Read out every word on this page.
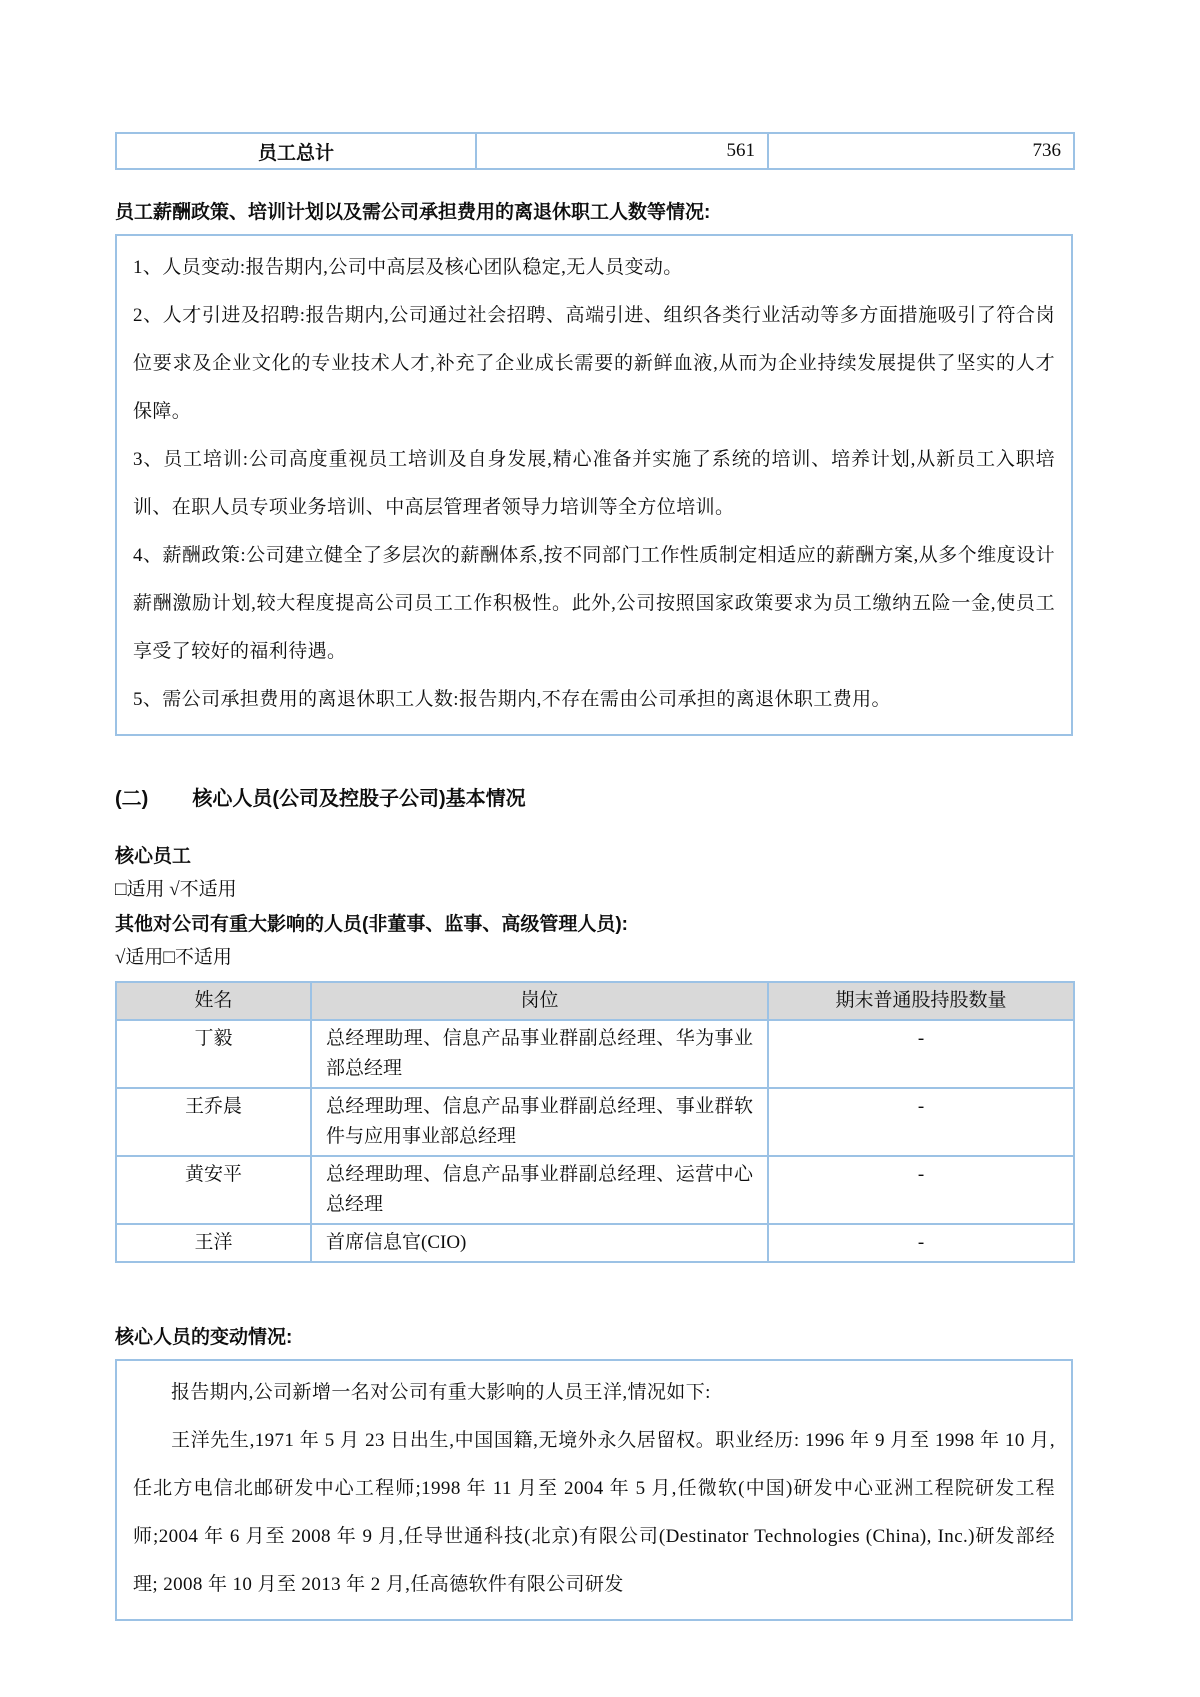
员工总计	561	736
员工薪酬政策、培训计划以及需公司承担费用的离退休职工人数等情况:

1、人员变动:报告期内,公司中高层及核心团队稳定,无人员变动。

2、人才引进及招聘:报告期内,公司通过社会招聘、高端引进、组织各类行业活动等多方面措施吸引了符合岗位要求及企业文化的专业技术人才,补充了企业成长需要的新鲜血液,从而为企业持续发展提供了坚实的人才保障。

3、员工培训:公司高度重视员工培训及自身发展,精心准备并实施了系统的培训、培养计划,从新员工入职培训、在职人员专项业务培训、中高层管理者领导力培训等全方位培训。

4、薪酬政策:公司建立健全了多层次的薪酬体系,按不同部门工作性质制定相适应的薪酬方案,从多个维度设计薪酬激励计划,较大程度提高公司员工工作积极性。此外,公司按照国家政策要求为员工缴纳五险一金,使员工享受了较好的福利待遇。

5、需公司承担费用的离退休职工人数:报告期内,不存在需由公司承担的离退休职工费用。

(二) 核心人员(公司及控股子公司)基本情况
核心员工
□适用 √不适用
其他对公司有重大影响的人员(非董事、监事、高级管理人员):
√适用□不适用
姓名	岗位	期末普通股持股数量
丁毅	总经理助理、信息产品事业群副总经理、华为事业部总经理	-
王乔晨	总经理助理、信息产品事业群副总经理、事业群软件与应用事业部总经理	-
黄安平	总经理助理、信息产品事业群副总经理、运营中心总经理	-
王洋	首席信息官(CIO)	-
核心人员的变动情况:

报告期内,公司新增一名对公司有重大影响的人员王洋,情况如下:

王洋先生,1971 年 5 月 23 日出生,中国国籍,无境外永久居留权。职业经历: 1996 年 9 月至 1998 年 10 月,任北方电信北邮研发中心工程师;1998 年 11 月至 2004 年 5 月,任微软(中国)研发中心亚洲工程院研发工程师;2004 年 6 月至 2008 年 9 月,任导世通科技(北京)有限公司(Destinator Technologies (China), Inc.)研发部经理; 2008 年 10 月至 2013 年 2 月,任高德软件有限公司研发
